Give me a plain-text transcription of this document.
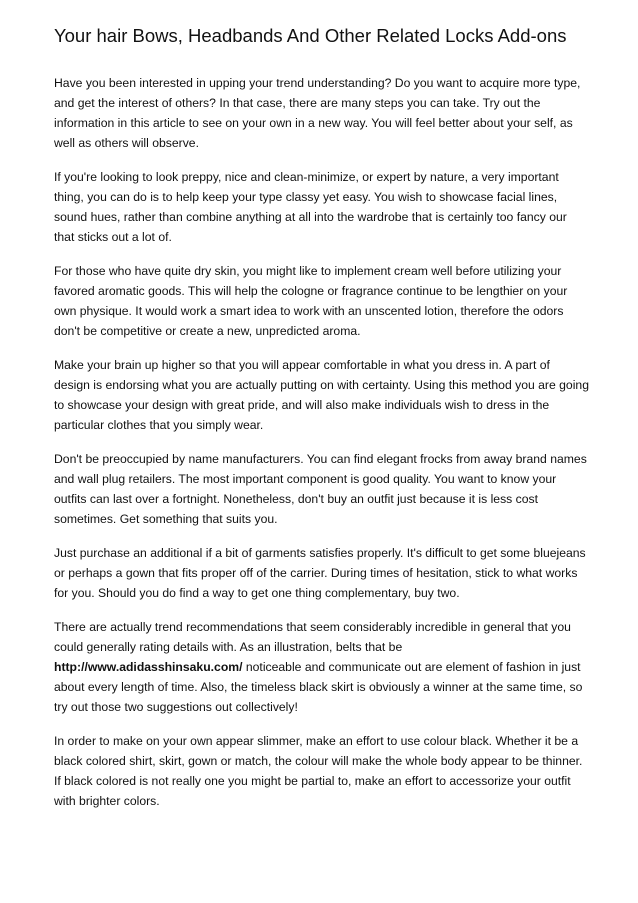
Your hair Bows, Headbands And Other Related Locks Add-ons

Have you been interested in upping your trend understanding? Do you want to acquire more type, and get the interest of others? In that case, there are many steps you can take. Try out the information in this article to see on your own in a new way. You will feel better about your self, as well as others will observe.

If you're looking to look preppy, nice and clean-minimize, or expert by nature, a very important thing, you can do is to help keep your type classy yet easy. You wish to showcase facial lines, sound hues, rather than combine anything at all into the wardrobe that is certainly too fancy our that sticks out a lot of.

For those who have quite dry skin, you might like to implement cream well before utilizing your favored aromatic goods. This will help the cologne or fragrance continue to be lengthier on your own physique. It would work a smart idea to work with an unscented lotion, therefore the odors don't be competitive or create a new, unpredicted aroma.

Make your brain up higher so that you will appear comfortable in what you dress in. A part of design is endorsing what you are actually putting on with certainty. Using this method you are going to showcase your design with great pride, and will also make individuals wish to dress in the particular clothes that you simply wear.

Don't be preoccupied by name manufacturers. You can find elegant frocks from away brand names and wall plug retailers. The most important component is good quality. You want to know your outfits can last over a fortnight. Nonetheless, don't buy an outfit just because it is less cost sometimes. Get something that suits you.

Just purchase an additional if a bit of garments satisfies properly. It's difficult to get some bluejeans or perhaps a gown that fits proper off of the carrier. During times of hesitation, stick to what works for you. Should you do find a way to get one thing complementary, buy two.

There are actually trend recommendations that seem considerably incredible in general that you could generally rating details with. As an illustration, belts that be http://www.adidasshinsaku.com/ noticeable and communicate out are element of fashion in just about every length of time. Also, the timeless black skirt is obviously a winner at the same time, so try out those two suggestions out collectively!

In order to make on your own appear slimmer, make an effort to use colour black. Whether it be a black colored shirt, skirt, gown or match, the colour will make the whole body appear to be thinner. If black colored is not really one you might be partial to, make an effort to accessorize your outfit with brighter colors.
